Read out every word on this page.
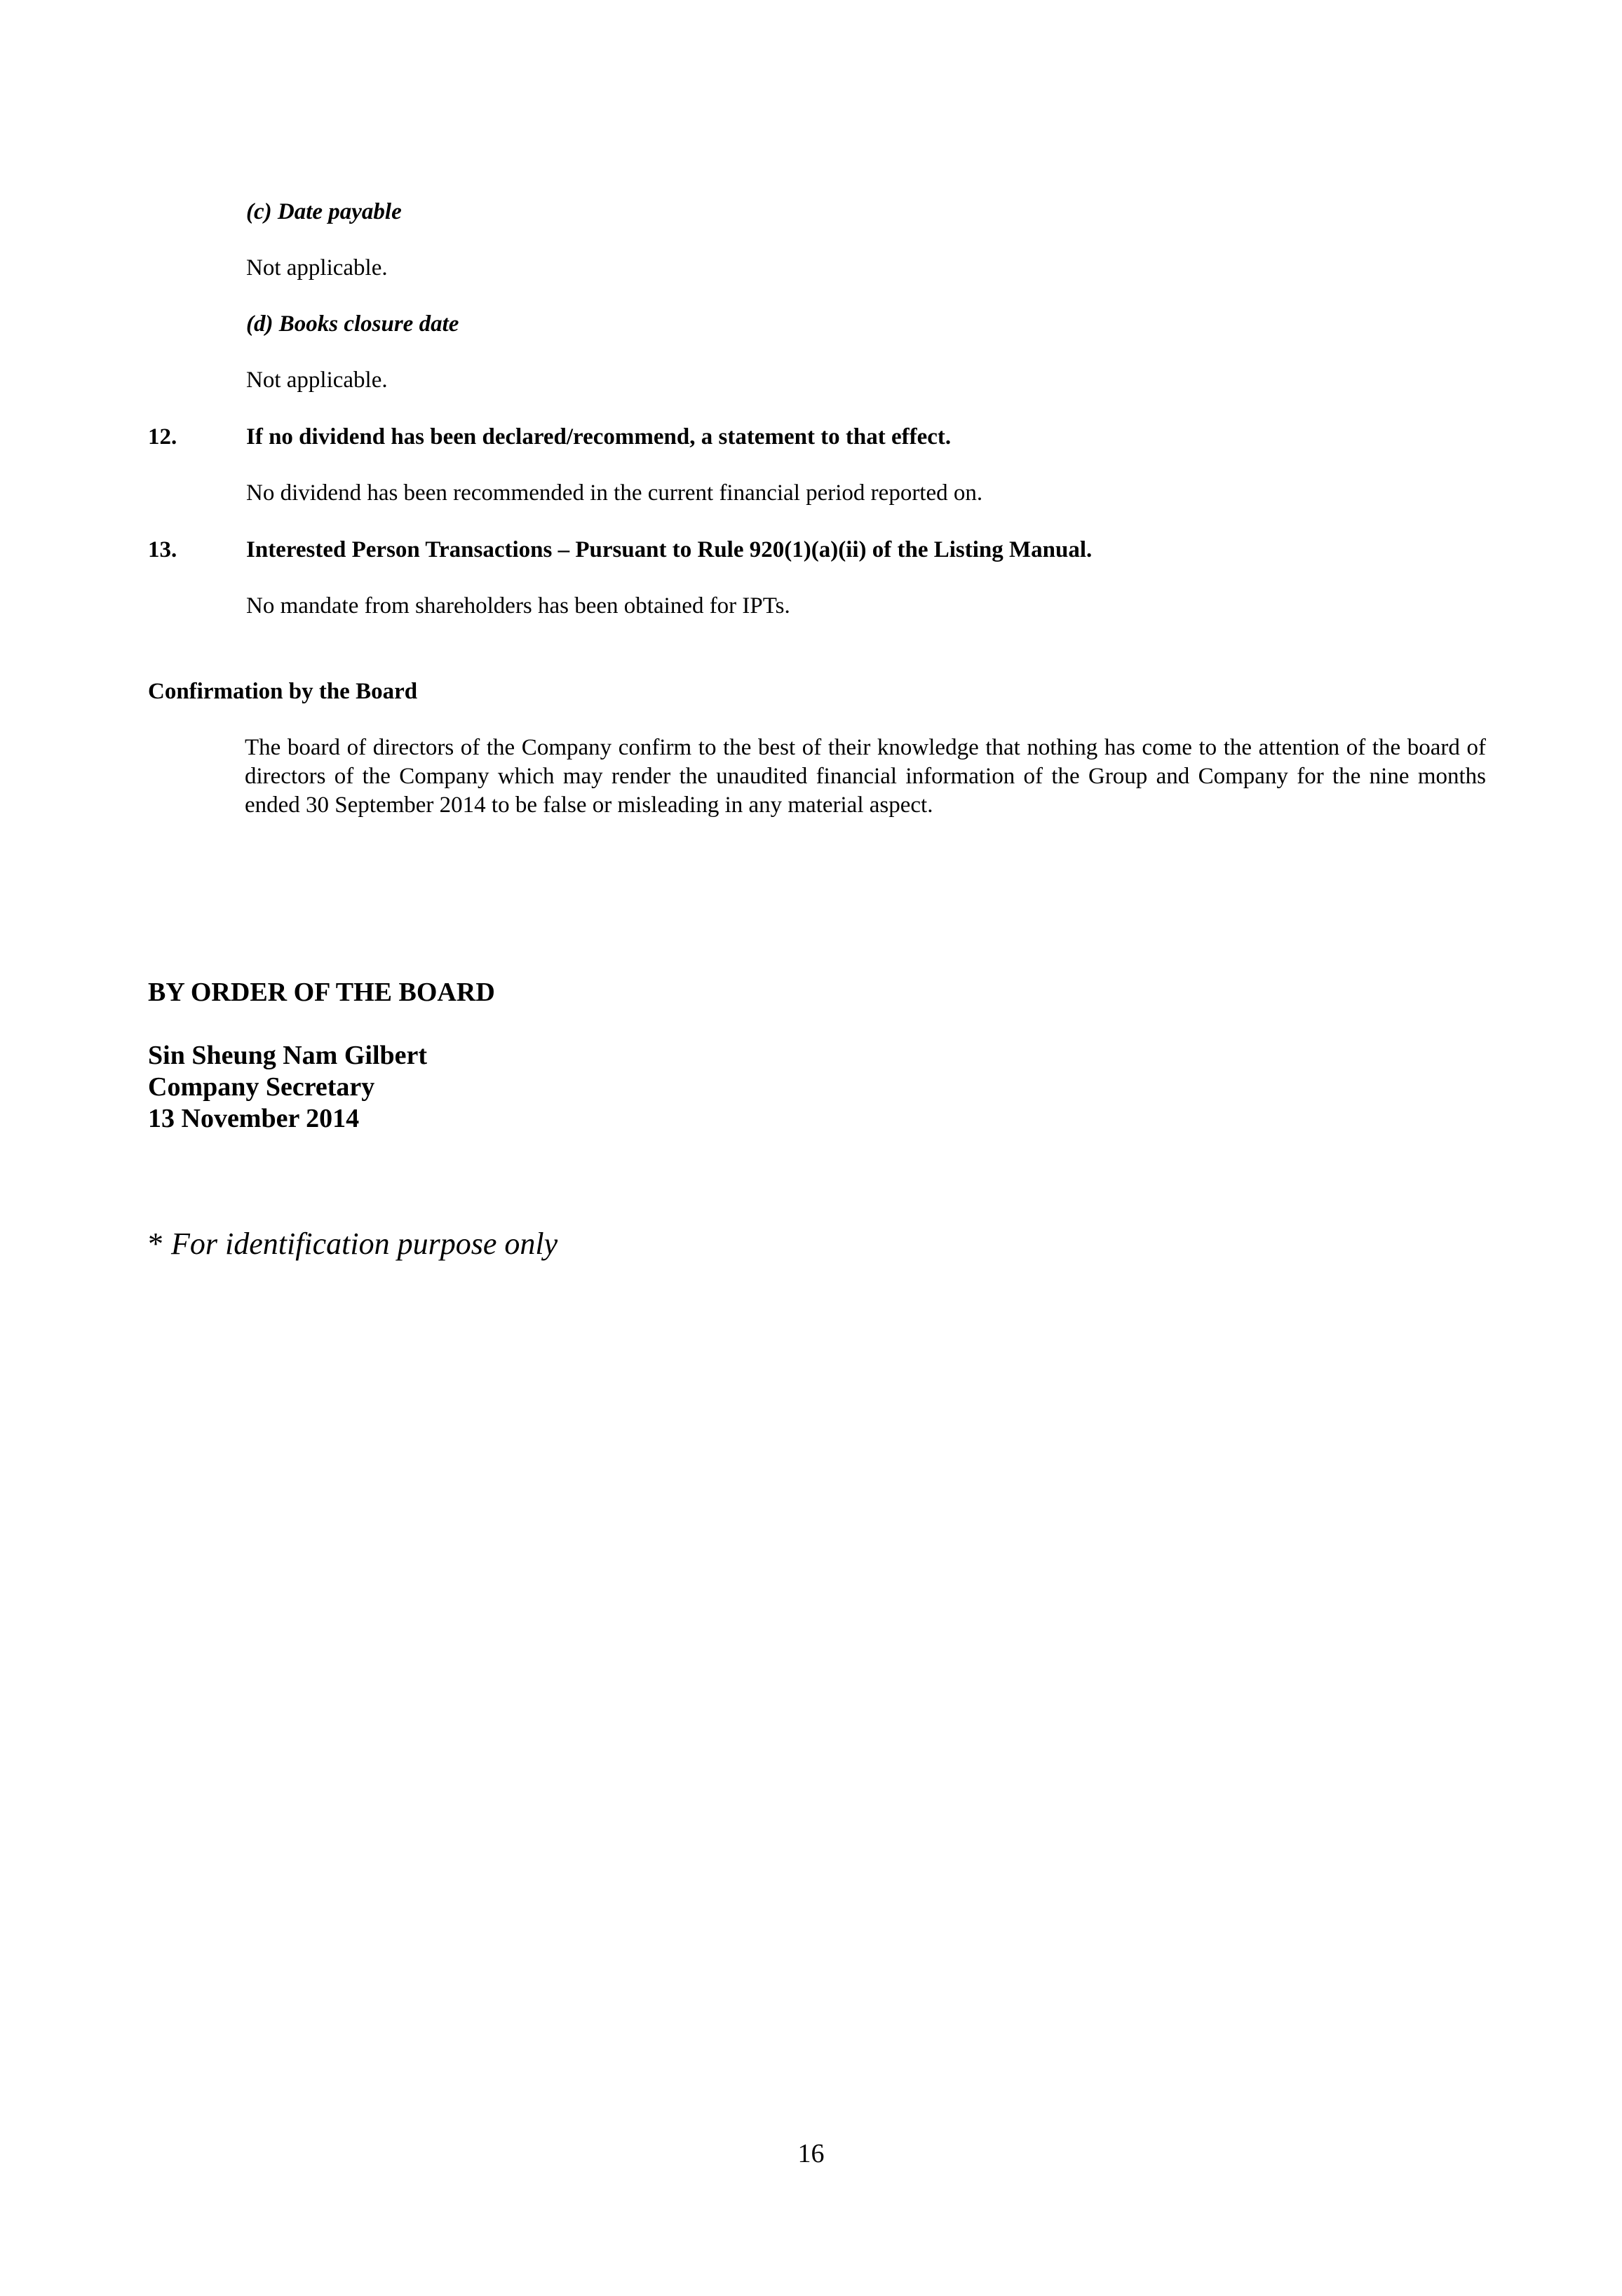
(c) Date payable

Not applicable.

(d) Books closure date

Not applicable.

12.	If no dividend has been declared/recommend, a statement to that effect.

No dividend has been recommended in the current financial period reported on.

13.	Interested Person Transactions – Pursuant to Rule 920(1)(a)(ii) of the Listing Manual.

No mandate from shareholders has been obtained for IPTs.

Confirmation by the Board

The board of directors of the Company confirm to the best of their knowledge that nothing has come to the attention of the board of directors of the Company which may render the unaudited financial information of the Group and Company for the nine months ended 30 September 2014 to be false or misleading in any material aspect.

BY ORDER OF THE BOARD
Sin Sheung Nam Gilbert
Company Secretary
13 November 2014
* For identification purpose only
16
